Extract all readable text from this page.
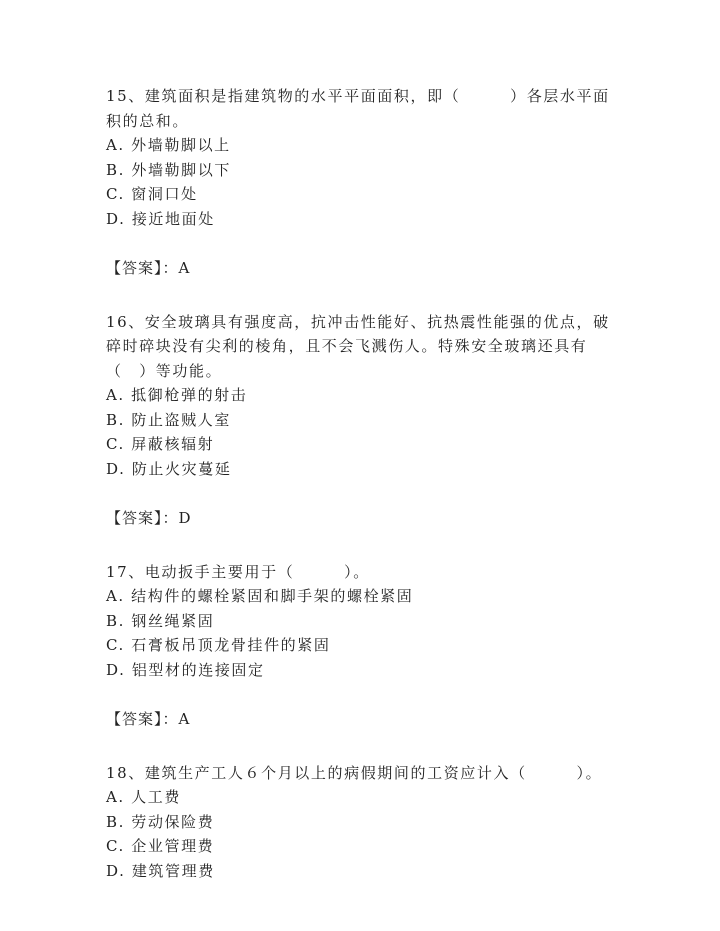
15、建筑面积是指建筑物的水平平面面积，即（　　　）各层水平面积的总和。
A. 外墙勒脚以上
B. 外墙勒脚以下
C. 窗洞口处
D. 接近地面处
【答案】：A
16、安全玻璃具有强度高，抗冲击性能好、抗热震性能强的优点，破碎时碎块没有尖利的棱角，且不会飞溅伤人。特殊安全玻璃还具有（　）等功能。
A. 抵御枪弹的射击
B. 防止盗贼人室
C. 屏蔽核辐射
D. 防止火灾蔓延
【答案】：D
17、电动扳手主要用于（　　　）。
A. 结构件的螺栓紧固和脚手架的螺栓紧固
B. 钢丝绳紧固
C. 石膏板吊顶龙骨挂件的紧固
D. 铝型材的连接固定
【答案】：A
18、建筑生产工人６个月以上的病假期间的工资应计入（　　　）。
A. 人工费
B. 劳动保险费
C. 企业管理费
D. 建筑管理费
